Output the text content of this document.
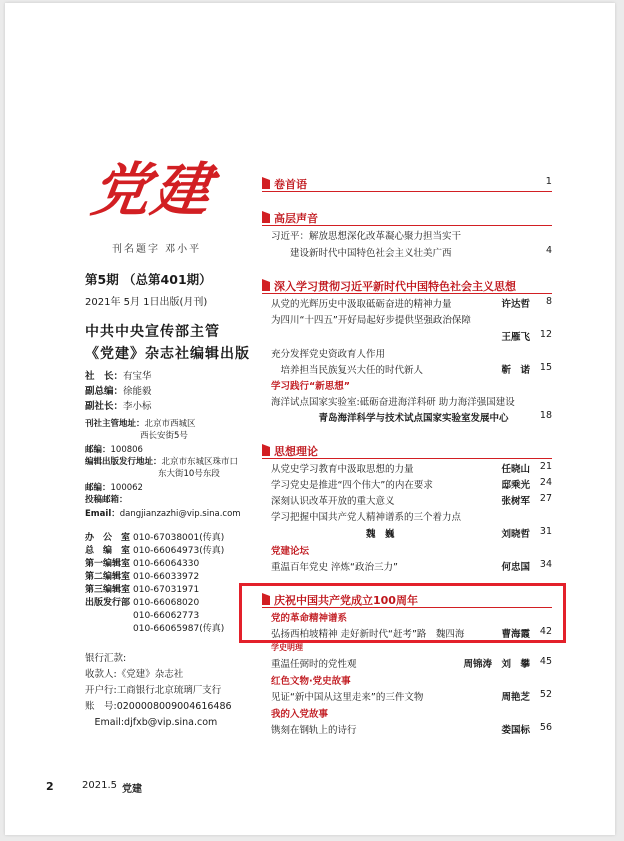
党建
刊名题字 邓小平
第5期 （总第401期）
2021年 5月 1日出版(月刊)
中共中央宣传部主管
《党建》杂志社编辑出版
社　长：有宝华
副总编：徐能毅
副社长：李小标
刊社主管地址：北京市西城区
西长安街5号
邮编：100806
编辑出版发行地址：北京市东城区珠市口
东大街10号东段
邮编：100062
投稿邮箱：
Email：dangjianzazhi@vip.sina.com
办　公　室 010-67038001(传真)
总　编　室 010-66064973(传真)
第一编辑室 010-66064330
第二编辑室 010-66033972
第三编辑室 010-67031971
出版发行部 010-66068020
010-66062773
010-66065987(传真)
银行汇款:
收款人:《党建》杂志社
开户行:工商银行北京琉璃厂支行
账　号:0200008009004616486
　Email:djfxb@vip.sina.com
2	2021.5 党建
卷首语	1
高层声音
习近平：解放思想深化改革凝心聚力担当实干
　　建设新时代中国特色社会主义壮美广西	4
深入学习贯彻习近平新时代中国特色社会主义思想
从党的光辉历史中汲取砥砺奋进的精神力量	许达哲	8
为四川“十四五”开好局起好步提供坚强政治保障
王雁飞	12
充分发挥党史资政育人作用
　培养担当民族复兴大任的时代新人	靳　诺	15
学习践行“新思想”
海洋试点国家实验室:砥砺奋进海洋科研 助力海洋强国建设
　　　　　青岛海洋科学与技术试点国家实验室发展中心	18
思想理论
从党史学习教育中汲取思想的力量	任晓山	21
学习党史是推进“四个伟大”的内在要求	邸乘光	24
深刻认识改革开放的重大意义	张树军	27
学习把握中国共产党人精神谱系的三个着力点
　　　　　　　　　　魏　巍	刘晓哲	31
党建论坛
重温百年党史 淬炼“政治三力”	何忠国	34
庆祝中国共产党成立100周年
党的革命精神谱系
弘扬西柏坡精神 走好新时代“赶考”路　魏四海	曹海霞	42
学史明理
重温任弼时的党性观	周锦涛　刘　攀	45
红色文物·党史故事
见证“新中国从这里走来”的三件文物	周艳芝	52
我的入党故事
镌刻在钢轨上的诗行	娄国标	56
